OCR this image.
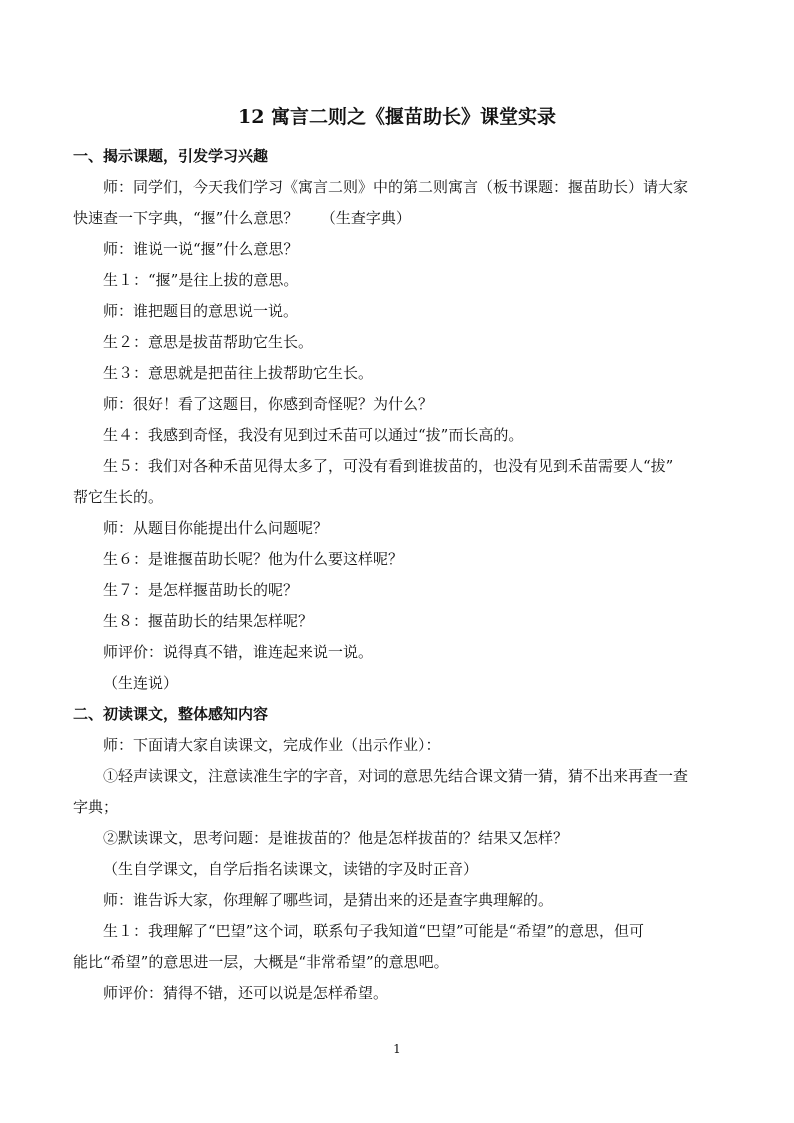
12 寓言二则之《揠苗助长》课堂实录
一、揭示课题，引发学习兴趣
师：同学们，今天我们学习《寓言二则》中的第二则寓言（板书课题：揠苗助长）请大家
快速查一下字典，“揠”什么意思？　　（生查字典）
师：谁说一说“揠”什么意思？
生１：“揠”是往上拔的意思。
师：谁把题目的意思说一说。
生２：意思是拔苗帮助它生长。
生３：意思就是把苗往上拔帮助它生长。
师：很好！看了这题目，你感到奇怪呢？为什么？
生４：我感到奇怪，我没有见到过禾苗可以通过“拔”而长高的。
生５：我们对各种禾苗见得太多了，可没有看到谁拔苗的，也没有见到禾苗需要人“拔”
帮它生长的。
师：从题目你能提出什么问题呢？
生６：是谁揠苗助长呢？他为什么要这样呢？
生７：是怎样揠苗助长的呢？
生８：揠苗助长的结果怎样呢？
师评价：说得真不错，谁连起来说一说。
（生连说）
二、初读课文，整体感知内容
师：下面请大家自读课文，完成作业（出示作业）：
①轻声读课文，注意读准生字的字音，对词的意思先结合课文猜一猜，猜不出来再查一查
字典；
②默读课文，思考问题：是谁拔苗的？他是怎样拔苗的？结果又怎样？
（生自学课文，自学后指名读课文，读错的字及时正音）
师：谁告诉大家，你理解了哪些词，是猜出来的还是查字典理解的。
生１：我理解了“巴望”这个词，联系句子我知道“巴望”可能是“希望”的意思，但可
能比“希望”的意思进一层，大概是“非常希望”的意思吧。
师评价：猜得不错，还可以说是怎样希望。
1
